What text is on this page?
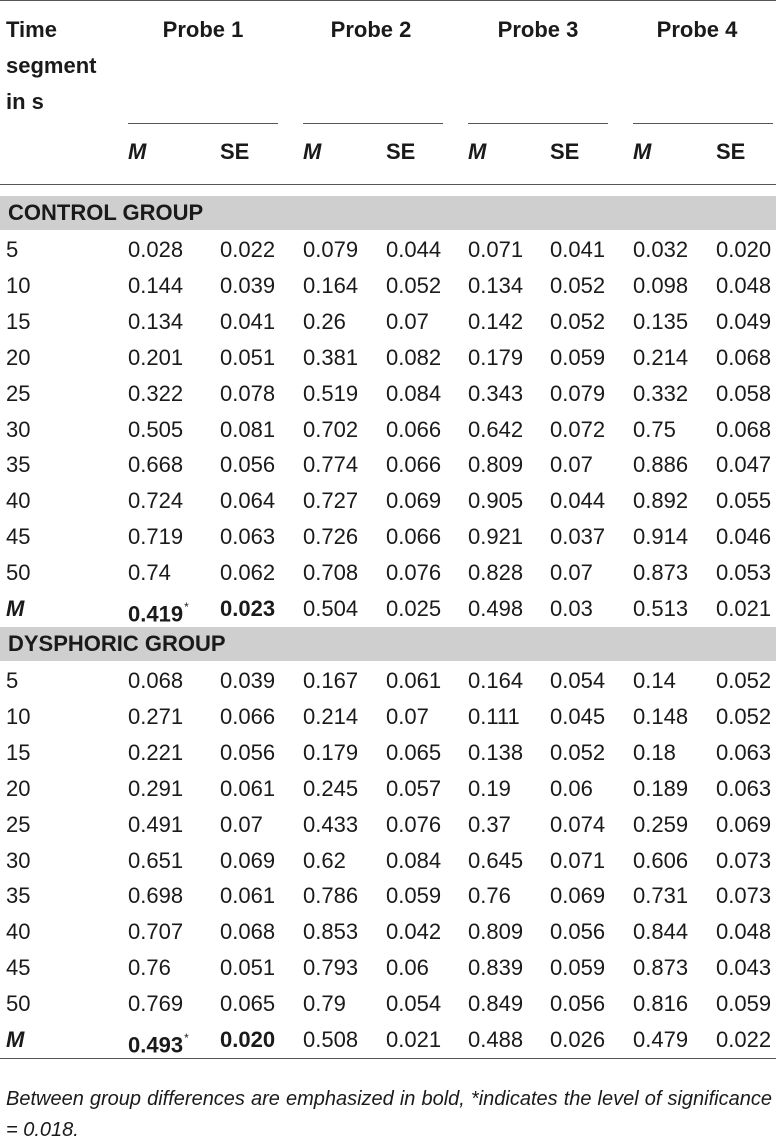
Time
segment
in s
Probe 1	Probe 2	Probe 3	Probe 4
M	SE M	SE M	SE M	SE
CONTROL GROUP
5	0.028 0.022 0.079 0.044 0.071 0.041 0.032 0.020
10	0.144 0.039 0.164 0.052 0.134 0.052 0.098 0.048
15	0.134 0.041 0.26 0.07 0.142 0.052 0.135 0.049
20	0.201 0.051 0.381 0.082 0.179 0.059 0.214 0.068
25	0.322 0.078 0.519 0.084 0.343 0.079 0.332 0.058
30	0.505 0.081 0.702 0.066 0.642 0.072 0.75 0.068
35	0.668 0.056 0.774 0.066 0.809 0.07 0.886 0.047
40	0.724 0.064 0.727 0.069 0.905 0.044 0.892 0.055
45	0.719 0.063 0.726 0.066 0.921 0.037 0.914 0.046
50	0.74 0.062 0.708 0.076 0.828 0.07 0.873 0.053
M	0.419* 0.023 0.504 0.025 0.498 0.03 0.513 0.021
DYSPHORIC GROUP
5	0.068 0.039 0.167 0.061 0.164 0.054 0.14 0.052
10	0.271 0.066 0.214 0.07 0.111 0.045 0.148 0.052
15	0.221 0.056 0.179 0.065 0.138 0.052 0.18 0.063
20	0.291 0.061 0.245 0.057 0.19 0.06 0.189 0.063
25	0.491 0.07 0.433 0.076 0.37 0.074 0.259 0.069
30	0.651 0.069 0.62 0.084 0.645 0.071 0.606 0.073
35	0.698 0.061 0.786 0.059 0.76 0.069 0.731 0.073
40	0.707 0.068 0.853 0.042 0.809 0.056 0.844 0.048
45	0.76 0.051 0.793 0.06 0.839 0.059 0.873 0.043
50	0.769 0.065 0.79 0.054 0.849 0.056 0.816 0.059
M	0.493* 0.020 0.508 0.021 0.488 0.026 0.479 0.022
Between group differences are emphasized in bold, *indicates the level of significance = 0.018.
